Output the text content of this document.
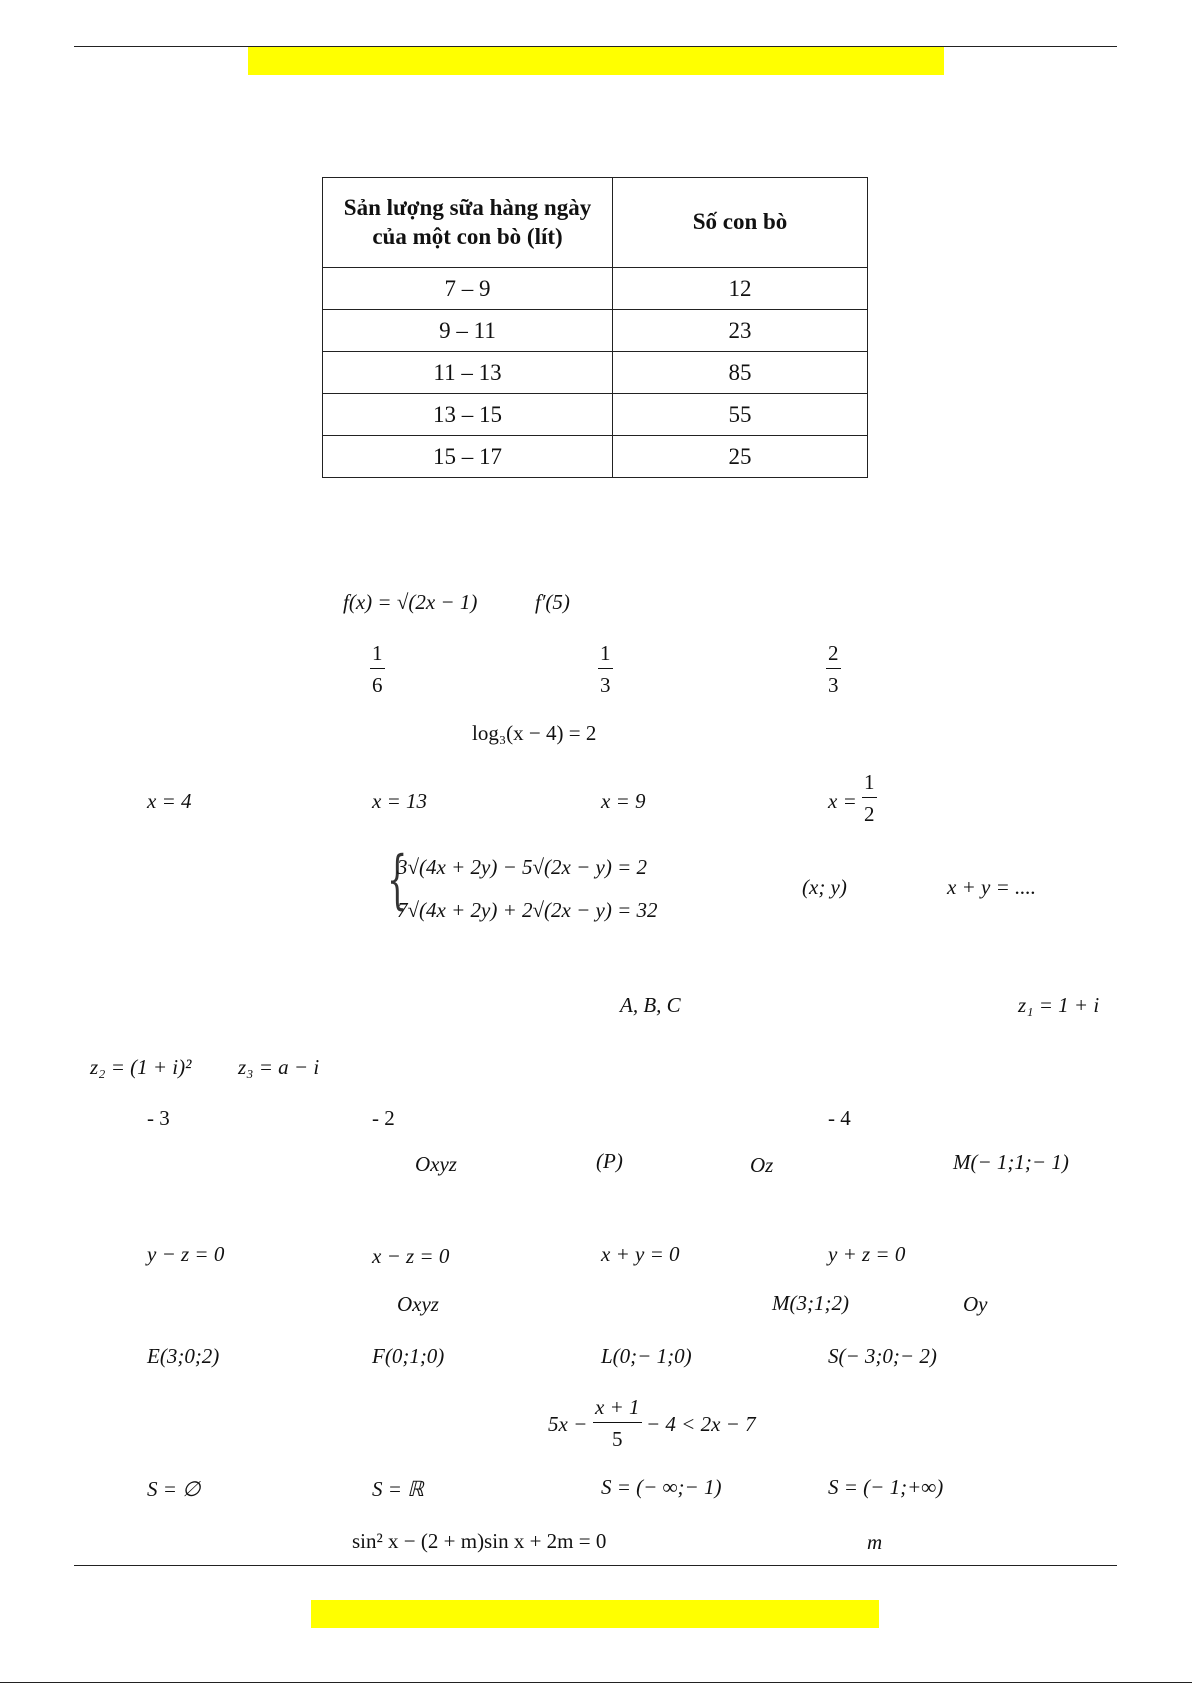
Sản lượng sữa hàng ngày của một con bò (lít)	Số con bò
7 – 9	12
9 – 11	23
11 – 13	85
13 – 15	55
15 – 17	25
f(x) = √(2x − 1)	f′(5)
$\frac{1}{6}$	$\frac{1}{3}$	$\frac{2}{3}$
log₃(x − 4) = 2
x = 4	x = 13	x = 9	$x = \frac{1}{2}$
{
3√(4x + 2y) − 5√(2x − y) = 2
7√(4x + 2y) + 2√(2x − y) = 32
(x; y)	x + y = ....
A, B, C	z₁ = 1 + i
z₂ = (1 + i)² z₃ = a − i
- 3	- 2	- 4
Oxyz	(P)	Oz	M(− 1;1;− 1)
y − z = 0	x − z = 0	x + y = 0	y + z = 0
Oxyz	M(3;1;2)	Oy
E(3;0;2)	F(0;1;0)	L(0;− 1;0)	S(− 3;0;− 2)
$5x - \frac{x + 1}{5} - 4 < 2x - 7$
S = ∅	S = ℝ	S = (− ∞;− 1)	S = (− 1;+∞)
sin² x − (2 + m)sin x + 2m = 0	m
